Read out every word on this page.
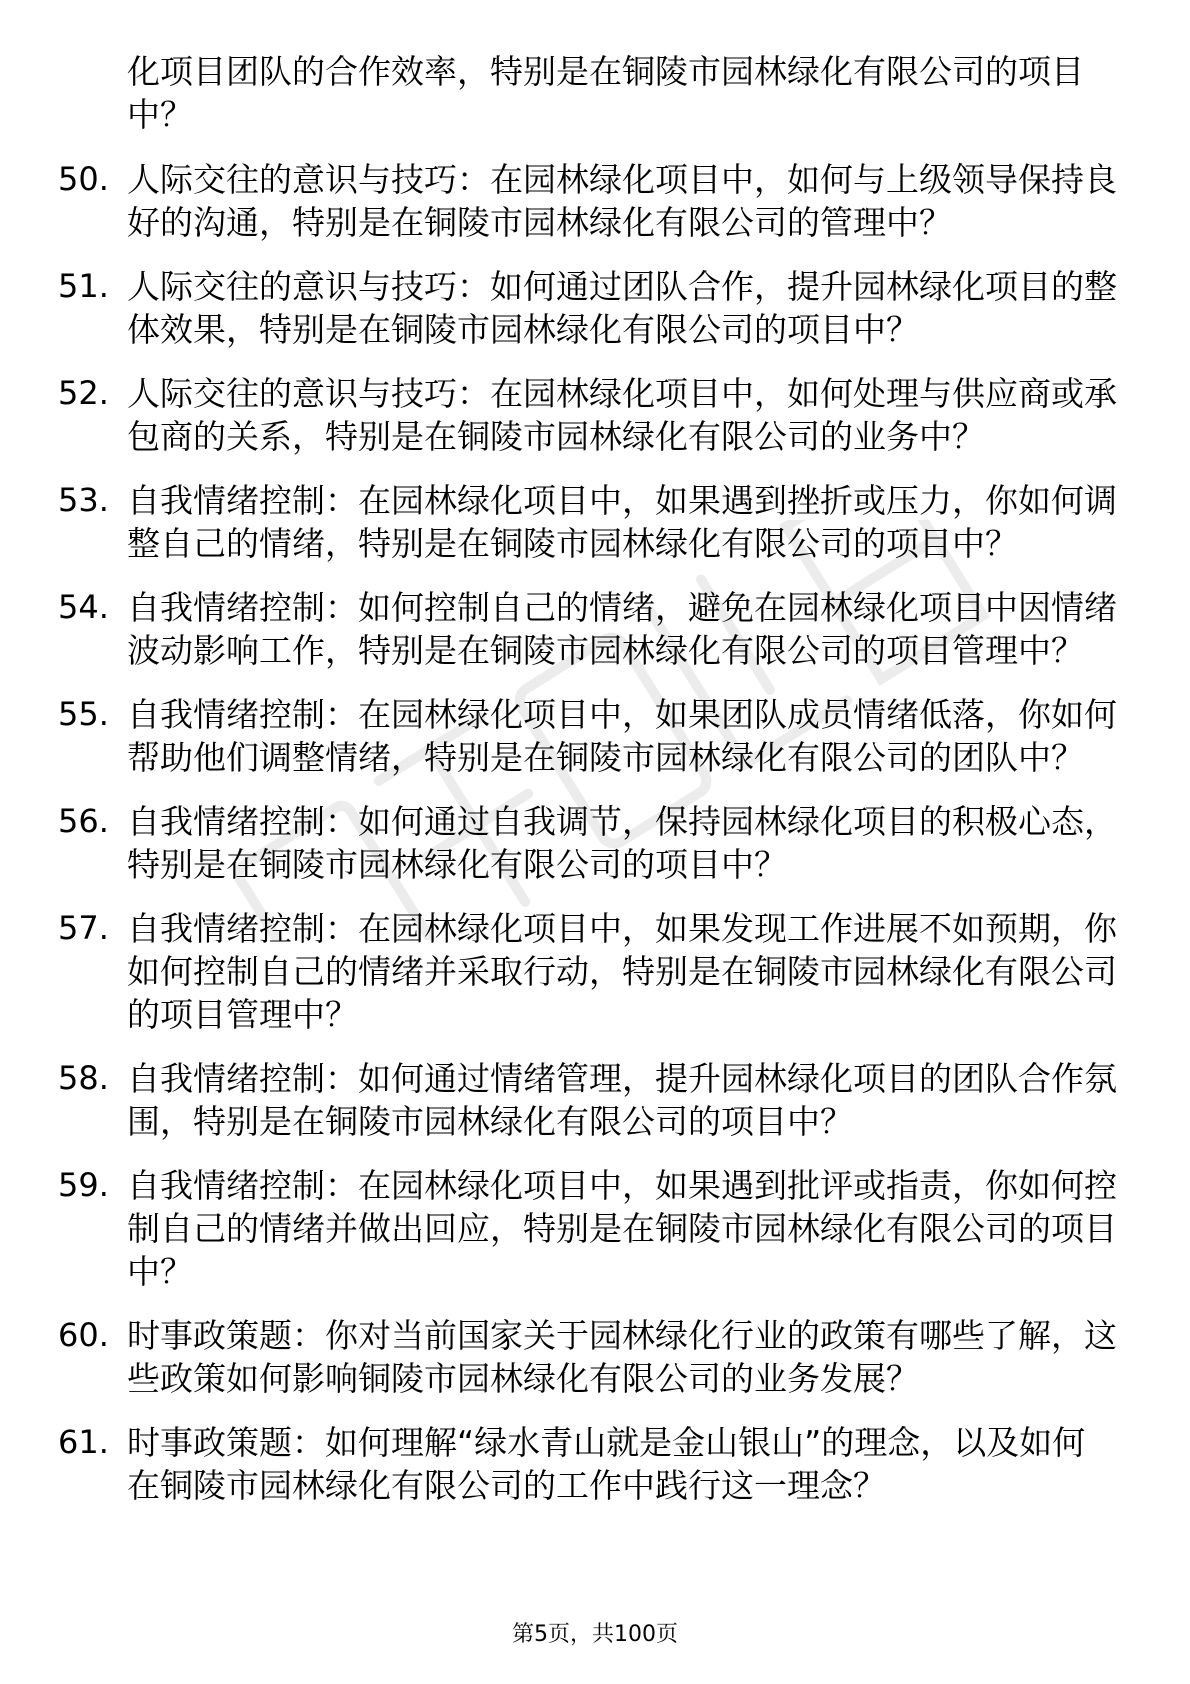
化项目团队的合作效率，特别是在铜陵市园林绿化有限公司的项目中？

50. 人际交往的意识与技巧：在园林绿化项目中，如何与上级领导保持良好的沟通，特别是在铜陵市园林绿化有限公司的管理中？
51. 人际交往的意识与技巧：如何通过团队合作，提升园林绿化项目的整体效果，特别是在铜陵市园林绿化有限公司的项目中？
52. 人际交往的意识与技巧：在园林绿化项目中，如何处理与供应商或承包商的关系，特别是在铜陵市园林绿化有限公司的业务中？
53. 自我情绪控制：在园林绿化项目中，如果遇到挫折或压力，你如何调整自己的情绪，特别是在铜陵市园林绿化有限公司的项目中？
54. 自我情绪控制：如何控制自己的情绪，避免在园林绿化项目中因情绪波动影响工作，特别是在铜陵市园林绿化有限公司的项目管理中？
55. 自我情绪控制：在园林绿化项目中，如果团队成员情绪低落，你如何帮助他们调整情绪，特别是在铜陵市园林绿化有限公司的团队中？
56. 自我情绪控制：如何通过自我调节，保持园林绿化项目的积极心态，特别是在铜陵市园林绿化有限公司的项目中？
57. 自我情绪控制：在园林绿化项目中，如果发现工作进展不如预期，你如何控制自己的情绪并采取行动，特别是在铜陵市园林绿化有限公司的项目管理中？
58. 自我情绪控制：如何通过情绪管理，提升园林绿化项目的团队合作氛围，特别是在铜陵市园林绿化有限公司的项目中？
59. 自我情绪控制：在园林绿化项目中，如果遇到批评或指责，你如何控制自己的情绪并做出回应，特别是在铜陵市园林绿化有限公司的项目中？
60. 时事政策题：你对当前国家关于园林绿化行业的政策有哪些了解，这些政策如何影响铜陵市园林绿化有限公司的业务发展？
61. 时事政策题：如何理解“绿水青山就是金山银山”的理念，以及如何在铜陵市园林绿化有限公司的工作中践行这一理念？
第5页，共100页
